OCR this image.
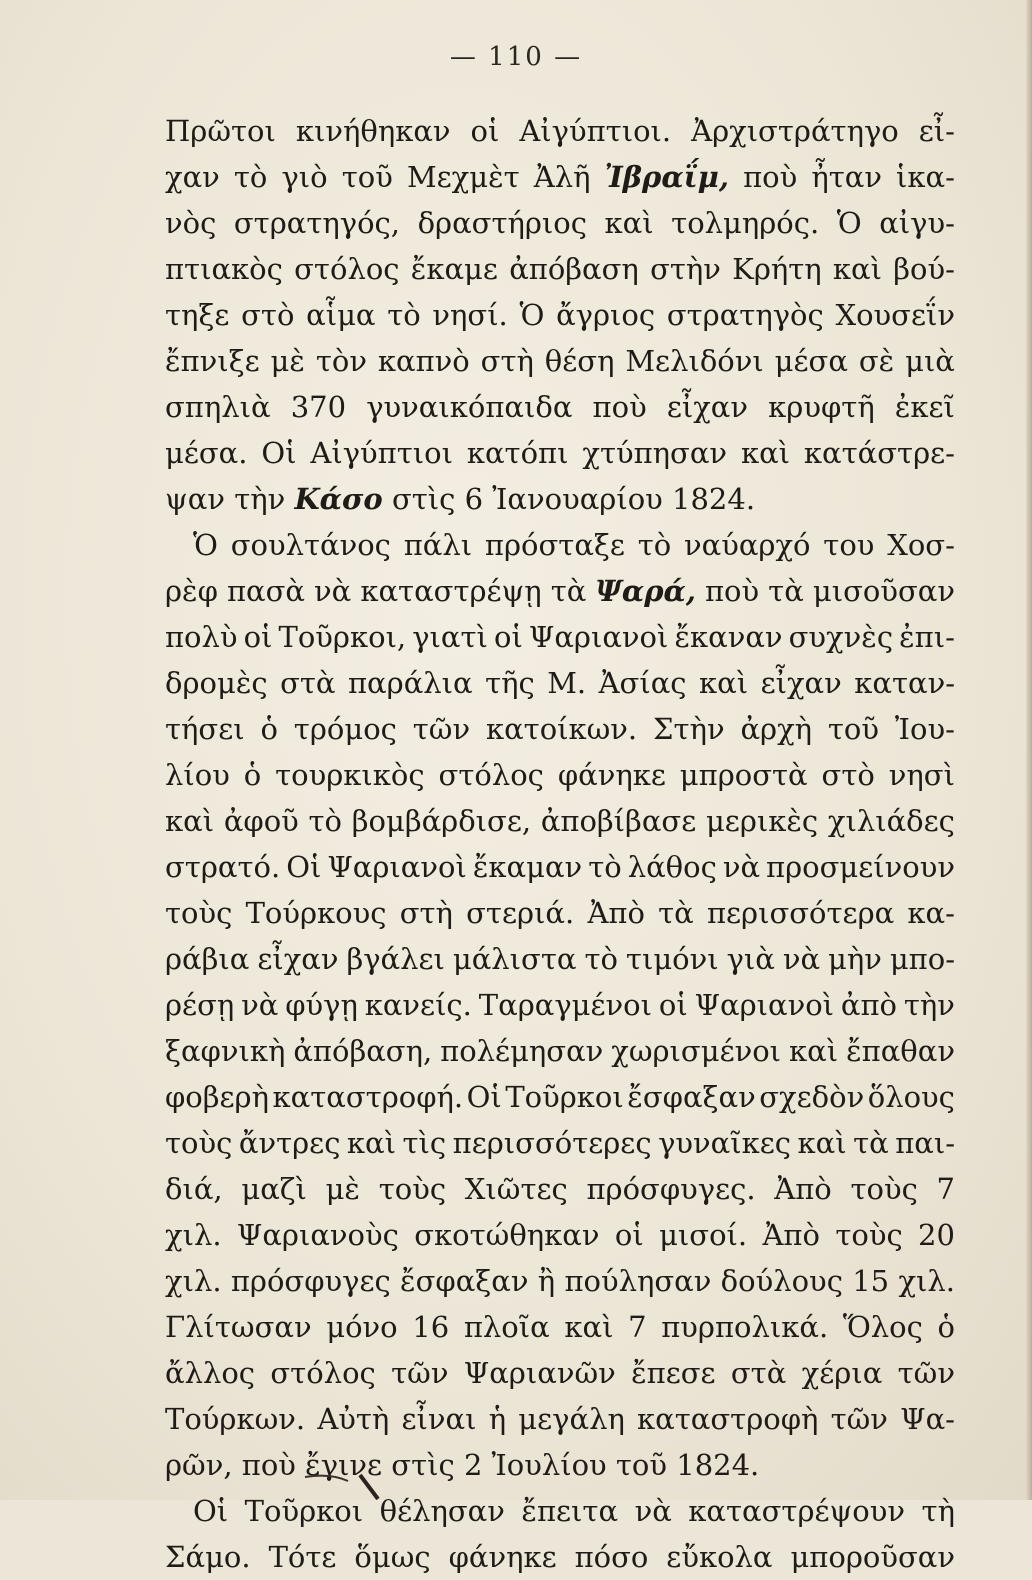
— 110 —
Πρῶτοι κινήθηκαν οἱ Αἰγύπτιοι. Ἀρχιστράτηγο εἶ-
χαν τὸ γιὸ τοῦ Μεχμὲτ Ἀλῆ Ἰβραΐμ, ποὺ ἦταν ἱκα-
νὸς στρατηγός, δραστήριος καὶ τολμηρός. Ὁ αἰγυ-
πτιακὸς στόλος ἔκαμε ἀπόβαση στὴν Κρήτη καὶ βού-
τηξε στὸ αἷμα τὸ νησί. Ὁ ἄγριος στρατηγὸς Χουσεΐν
ἔπνιξε μὲ τὸν καπνὸ στὴ θέση Μελιδόνι μέσα σὲ μιὰ
σπηλιὰ 370 γυναικόπαιδα ποὺ εἶχαν κρυφτῆ ἐκεῖ
μέσα. Οἱ Αἰγύπτιοι κατόπι χτύπησαν καὶ κατάστρε-
ψαν
τὴν
Κάσο
στὶς
6
Ἰανουαρίου
1824.
Ὁ σουλτάνος πάλι πρόσταξε τὸ ναύαρχό του Χοσ-
ρὲφ πασὰ νὰ καταστρέψῃ τὰ Ψαρά, ποὺ τὰ μισοῦσαν
πολὺ οἱ Τοῦρκοι, γιατὶ οἱ Ψαριανοὶ ἔκαναν συχνὲς ἐπι-
δρομὲς στὰ παράλια τῆς Μ. Ἀσίας καὶ εἶχαν καταν-
τήσει ὁ τρόμος τῶν κατοίκων. Στὴν ἀρχὴ τοῦ Ἰου-
λίου ὁ τουρκικὸς στόλος φάνηκε μπροστὰ στὸ νησὶ
καὶ ἀφοῦ τὸ βομβάρδισε, ἀποβίβασε μερικὲς χιλιάδες
στρατό. Οἱ Ψαριανοὶ ἔκαμαν τὸ λάθος νὰ προσμείνουν
τοὺς Τούρκους στὴ στεριά. Ἀπὸ τὰ περισσότερα κα-
ράβια εἶχαν βγάλει μάλιστα τὸ τιμόνι γιὰ νὰ μὴν μπο-
ρέσῃ νὰ φύγῃ κανείς. Ταραγμένοι οἱ Ψαριανοὶ ἀπὸ τὴν
ξαφνικὴ ἀπόβαση, πολέμησαν χωρισμένοι καὶ ἔπαθαν
φοβερὴ καταστροφή. Οἱ Τοῦρκοι ἔσφαξαν σχεδὸν ὅλους
τοὺς ἄντρες καὶ τὶς περισσότερες γυναῖκες καὶ τὰ παι-
διά, μαζὶ μὲ τοὺς Χιῶτες πρόσφυγες. Ἀπὸ τοὺς 7
χιλ. Ψαριανοὺς σκοτώθηκαν οἱ μισοί. Ἀπὸ τοὺς 20
χιλ. πρόσφυγες ἔσφαξαν ἢ πούλησαν δούλους 15 χιλ.
Γλίτωσαν μόνο 16 πλοῖα καὶ 7 πυρπολικά. Ὅλος ὁ
ἄλλος στόλος τῶν Ψαριανῶν ἔπεσε στὰ χέρια τῶν
Τούρκων. Αὐτὴ εἶναι ἡ μεγάλη καταστροφὴ τῶν Ψα-
ρῶν,
ποὺ
ἔγινε
στὶς
2
Ἰουλίου
τοῦ
1824.
Οἱ Τοῦρκοι θέλησαν ἔπειτα νὰ καταστρέψουν τὴ
Σάμο. Τότε ὅμως φάνηκε πόσο εὔκολα μποροῦσαν
